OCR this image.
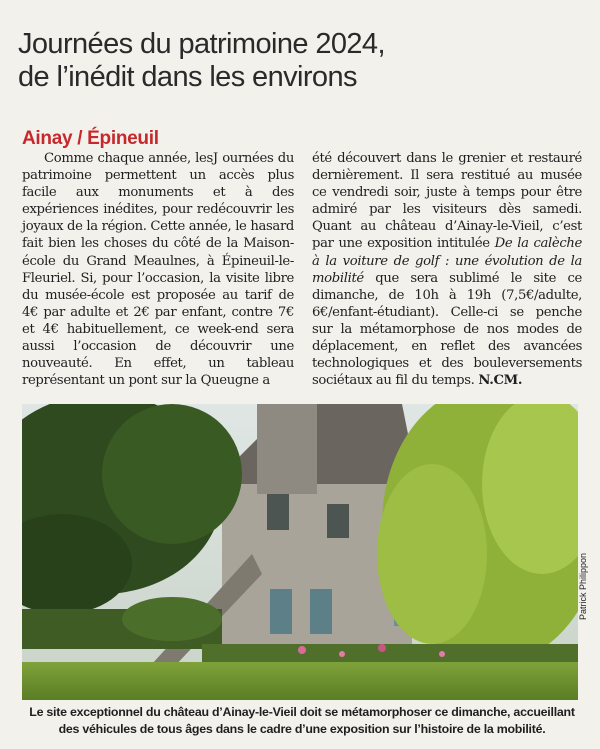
Journées du patrimoine 2024,
de l’inédit dans les environs
Ainay / Épineuil

Comme chaque année, lesJ ournées du patrimoine permettent un accès plus facile aux monuments et à des expériences inédites, pour redécouvrir les joyaux de la région. Cette année, le hasard fait bien les choses du côté de la Maison-école du Grand Meaulnes, à Épineuil-le-Fleuriel. Si, pour l’occasion, la visite libre du musée-école est proposée au tarif de 4€ par adulte et 2€ par enfant, contre 7€ et 4€ habituellement, ce week-end sera aussi l’occasion de découvrir une nouveauté. En effet, un tableau représentant un pont sur la Queugne a

été découvert dans le grenier et restauré dernièrement. Il sera restitué au musée ce vendredi soir, juste à temps pour être admiré par les visiteurs dès samedi. Quant au château d’Ainay-le-Vieil, c’est par une exposition intitulée De la calèche à la voiture de golf : une évolution de la mobilité que sera sublimé le site ce dimanche, de 10h à 19h (7,5€/adulte, 6€/enfant-étudiant). Celle-ci se penche sur la métamorphose de nos modes de déplacement, en reflet des avancées technologiques et des bouleversements sociétaux au fil du temps. N.CM.

Patrick Philippon

Le site exceptionnel du château d’Ainay-le-Vieil doit se métamorphoser ce dimanche, accueillant des véhicules de tous âges dans le cadre d’une exposition sur l’histoire de la mobilité.
